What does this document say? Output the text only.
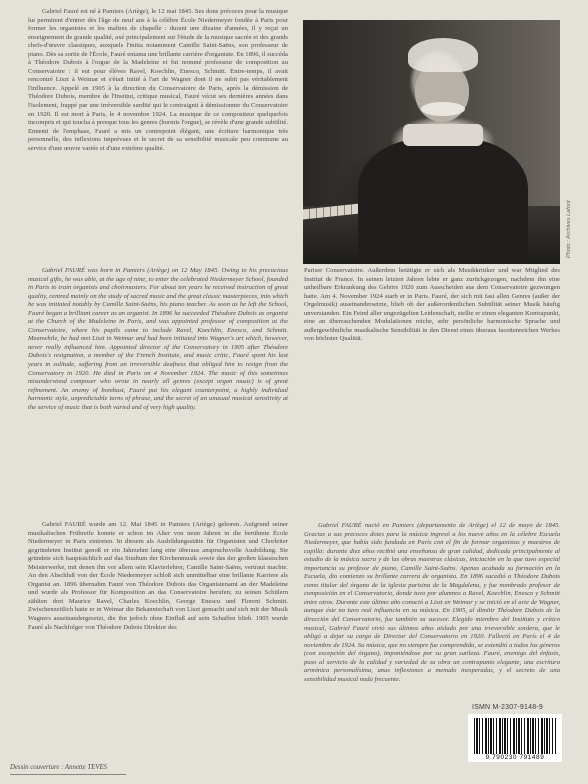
Gabriel Fauré est né à Pamiers (Ariège), le 12 mai 1845. Ses dons précoces pour la musique lui permirent d'entrer dès l'âge de neuf ans à la célèbre École Niedermeyer fondée à Paris pour former les organistes et les maîtres de chapelle : durant une dizaine d'années, il y reçut un enseignement de grande qualité, axé principalement sur l'étude de la musique sacrée et des grands chefs-d'œuvre classiques, auxquels l'initia notamment Camille Saint-Saëns, son professeur de piano. Dès sa sortie de l'École, Fauré entama une brillante carrière d'organiste. En 1896, il succéda à Théodore Dubois à l'orgue de la Madeleine et fut nommé professeur de composition au Conservatoire : il eut pour élèves Ravel, Koechlin, Enesco, Schmitt. Entre-temps, il avait rencontré Liszt à Weimar et s'était initié à l'art de Wagner dont il ne subit pas véritablement l'influence. Appelé en 1905 à la direction du Conservatoire de Paris, après la démission de Théodore Dubois, membre de l'Institut, critique musical, Fauré vécut ses dernières années dans l'isolement, frappé par une irréversible surdité qui le contraignit à démissionner du Conservatoire en 1920. Il est mort à Paris, le 4 novembre 1924. La musique de ce compositeur quelquefois incompris et qui toucha à presque tous les genres (hormis l'orgue), se révèle d'une grande subtilité. Ennemi de l'emphase, Fauré a mis un contrepoint élégant, une écriture harmonique très personnelle, des inflexions imprévues et le secret de sa sensibilité musicale peu commune au service d'une œuvre variée et d'une extrême qualité.

Gabriel FAURÉ was born in Pamiers (Ariège) on 12 May 1845. Owing to his precocious musical gifts, he was able, at the age of nine, to enter the celebrated Niedermeyer School, founded in Paris to train organists and choirmasters. For about ten years he received instruction of great quality, centred mainly on the study of sacred music and the great classic masterpieces, into which he was initiated notably by Camille Saint-Saëns, his piano teacher. As soon as he left the School, Fauré began a brilliant career as an organist. In 1896 he succeeded Théodore Dubois as organist at the Church of the Madeleine in Paris, and was appointed professor of composition at the Conservatoire, where his pupils came to include Ravel, Koechlin, Enesco, and Schmitt. Meanwhile, he had met Liszt in Weimar and had been initiated into Wagner's art which, however, never really influenced him. Appointed director of the Conservatory in 1905 after Théodore Dubois's resignation, a member of the French Institute, and music critic, Fauré spent his last years in solitude, suffering from an irreversible deafness that obliged him to resign from the Conservatory in 1920. He died in Paris on 4 November 1924. The music of this sometimes misunderstood composer who wrote in nearly all genres (except organ music) is of great refinement. An enemy of bombast, Fauré put his elegant counterpoint, a highly individual harmonic style, unpredictable turns of phrase, and the secret of an unusual musical sensitivity at the service of music that is both varied and of very high quality.

Gabriel FAURÉ wurde am 12. Mai 1845 in Pamiers (Ariège) geboren. Aufgrund seiner musikalischen Frühreife konnte er schon im Alter von neun Jahren in die berühmte École Niedermeyer in Paris eintreten. In diesem als Ausbildungsstätte für Organisten und Chorleiter gegründeten Institut genoß er ein Jahrzehnt lang eine überaus anspruchsvolle Ausbildung. Sie gründete sich hauptsächlich auf das Studium der Kirchenmusik sowie das der großen klassischen Meisterwerke, mit denen ihn vor allem sein Klavierlehrer, Camille Saint-Saëns, vertraut machte. An den Abschluß von der École Niedermeyer schloß sich unmittelbar eine brillante Karriere als Organist an. 1896 übernahm Fauré von Théodore Dubois das Organistenamt an der Madeleine und wurde als Professor für Komposition an das Conservatoire berufen; zu seinen Schülern zählten dort Maurice Ravel, Charles Koechlin, George Enescu und Florent Schmitt. Zwischenzeitlich hatte er in Weimar die Bekanntschaft von Liszt gemacht und sich mit der Musik Wagners auseinandergesetzt, die ihn jedoch ohne Einfluß auf sein Schaffen blieb. 1905 wurde Fauré als Nachfolger von Théodore Dubois Direktor des

Photo : Archives Lafont

Pariser Conservatoire. Außerdem betätigte er sich als Musikkritiker und war Mitglied des Institut de France. In seinen letzten Jahren lebte er ganz zurückgezogen, nachdem ihn eine unheilbare Erkrankung des Gehörs 1920 zum Ausscheiden aus dem Conservatoire gezwungen hatte. Am 4. November 1924 starb er in Paris. Fauré, der sich mit fast allen Genres (außer der Orgelmusik) auseinandersetzte, blieb ob der außerordentlichen Subtilität seiner Musik häufig unverstanden. Ein Feind aller ungezügelten Leidenschaft, stellte er einen eleganten Kontrapunkt, eine an überraschenden Modulationen reiche, sehr persönliche harmonische Sprache und außergewöhnliche musikalische Sensibilität in den Dienst eines überaus facettenreichen Werkes von höchster Qualität.

Gabriel FAURÉ nació en Pamiers (departamento de Ariège) el 12 de mayo de 1845. Gracias a sus precoces dotes para la música ingresó a los nueve años en la célebre Escuela Niedermeyer, que había sido fundada en París con el fin de formar organistas y maestros de capilla: durante diez años recibió una enseñanza de gran calidad, dedicada principalmente al estudio de la música sacra y de las obras maestras clásicas, iniciación en la que tuvo especial importancia su profesor de piano, Camille Saint-Saëns. Apenas acabada su formación en la Escuela, dio comienzo su brillante carrera de organista. En 1896 sucedió a Théodore Dubois como titular del órgano de la iglesia parisina de la Magdalena, y fue nombrado profesor de composición en el Conservatorio, donde tuvo por alumnos a Ravel, Koechlin, Enesco y Schmitt entre otros. Durante este último año conoció a Liszt en Weimar y se inició en el arte de Wagner, aunque éste no tuvo real influencia en su música. En 1905, al dimitir Théodore Dubois de la dirección del Conservatorio, fue también su sucesor. Elegido miembro del Instituto y crítico musical, Gabriel Fauré vivió sus últimos años aislado por una irreversible sordera, que le obligó a dejar su cargo de Director del Conservatorio en 1920. Falleció en París el 4 de noviembre de 1924. Su música, que no siempre fue comprendida, se extendió a todos los géneros (con excepción del órgano), imponiéndose por su gran sutileza. Fauré, enemigo del énfasis, puso al servicio de la calidad y variedad de su obra un contrapunto elegante, una escritura armónica personalísima, unas inflexiones a menudo inesperadas, y el secreto de una sensibilidad musical nada frecuente.

ISMN M-2307-9148-9
9 790230 791489
Dessin couverture : Annette TEVES
